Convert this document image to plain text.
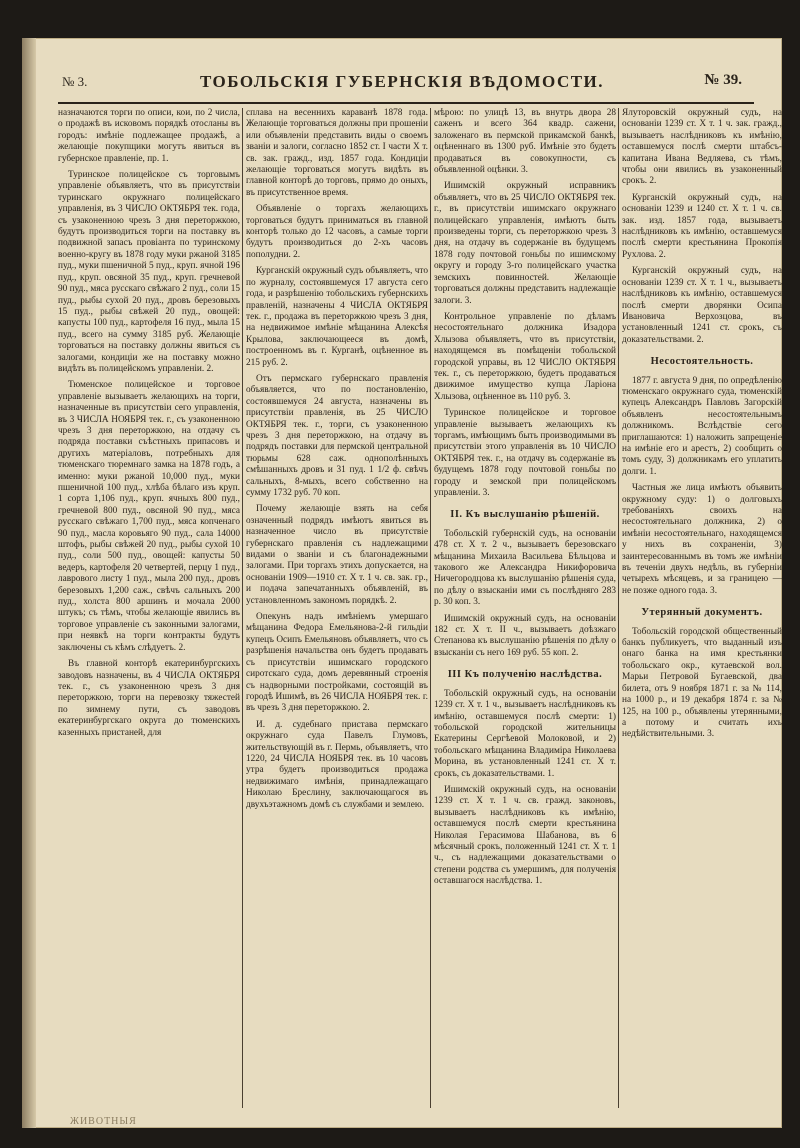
№ 3.	ТОБОЛЬСКІЯ ГУБЕРНСКІЯ ВѢДОМОСТИ.	№ 39.

назначаются торги по описи, кои, по 2 числа, о продажѣ въ исковомъ порядкѣ отосланы въ городъ: имѣніе подлежащее продажѣ, а желающіе покупщики могутъ явиться въ губернское правленіе, пр. 1.

Туринское полицейское съ торговымъ управленіе объявляетъ, что въ присутствіи туринскаго окружнаго полицейскаго управленія, въ 3 ЧИСЛО ОКТЯБРЯ тек. года, съ узаконенною чрезъ 3 дня переторжкою, будутъ производиться торги на поставку въ подвижной запасъ провіанта по туринскому военно-кругу въ 1878 году муки ржаной 3185 пуд., муки пшеничной 5 пуд., круп. ячной 196 пуд., круп. овсяной 35 пуд., круп. гречневой 90 пуд., мяса русскаго свѣжаго 2 пуд., соли 15 пуд., рыбы сухой 20 пуд., дровъ березовыхъ 15 пуд., рыбы свѣжей 20 пуд., овощей: капусты 100 пуд., картофеля 16 пуд., мыла 15 пуд., всего на сумму 3185 руб. Желающіе торговаться на поставку должны явиться съ залогами, кондиціи же на поставку можно видѣть въ полицейскомъ управленіи. 2.

Тюменское полицейское и торговое управленіе вызываетъ желающихъ на торги, назначенные въ присутствіи сего управленія, въ 3 ЧИСЛА НОЯБРЯ тек. г., съ узаконенною чрезъ 3 дня переторжкою, на отдачу съ подряда поставки съѣстныхъ припасовъ и другихъ матеріаловъ, потребныхъ для тюменскаго тюремнаго замка на 1878 годъ, а именно: муки ржаной 10,000 пуд., муки пшеничной 100 пуд., хлѣба бѣлаго изъ круп. 1 сорта 1,106 пуд., круп. ячныхъ 800 пуд., гречневой 800 пуд., овсяной 90 пуд., мяса русскаго свѣжаго 1,700 пуд., мяса копченаго 90 пуд., масла коровьяго 90 пуд., сала 14000 штофъ, рыбы свѣжей 20 пуд., рыбы сухой 10 пуд., соли 500 пуд., овощей: капусты 50 ведеръ, картофеля 20 четвертей, перцу 1 пуд., лаврового листу 1 пуд., мыла 200 пуд., дровъ березовыхъ 1,200 саж., свѣчъ сальныхъ 200 пуд., холста 800 аршинъ и мочала 2000 штукъ; съ тѣмъ, чтобы желающіе явились въ торговое управленіе съ законными залогами, при неявкѣ на торги контракты будутъ заключены съ кѣмъ слѣдуетъ. 2.

Въ главной конторѣ екатеринбургскихъ заводовъ назначены, въ 4 ЧИСЛА ОКТЯБРЯ тек. г., съ узаконенною чрезъ 3 дня переторжкою, торги на перевозку тяжестей по зимнему пути, съ заводовъ екатеринбургскаго округа до тюменскихъ казенныхъ пристаней, для

сплава на весеннихъ караванѣ 1878 года. Желающіе торговаться должны при прошеніи или объявленіи представить виды о своемъ званіи и залоги, согласно 1852 ст. I части X т. св. зак. гражд., изд. 1857 года. Кондиціи желающіе торговаться могутъ видѣть въ главной конторѣ до торговъ, прямо до оныхъ, въ присутственное время.

Объявленіе о торгахъ желающихъ торговаться будутъ приниматься въ главной конторѣ только до 12 часовъ, а самые торги будутъ производиться до 2-хъ часовъ пополудни. 2.

Курганскій окружный судъ объявляетъ, что по журналу, состоявшемуся 17 августа сего года, и разрѣшенію тобольскихъ губернскихъ правленій, назначены 4 ЧИСЛА ОКТЯБРЯ тек. г., продажа въ переторжкою чрезъ 3 дня, на недвижимое имѣніе мѣщанина Алексѣя Крылова, заключающееся въ домѣ, построенномъ въ г. Курганѣ, оцѣненное въ 215 руб. 2.

Отъ пермскаго губернскаго правленія объявляется, что по постановленію, состоявшемуся 24 августа, назначены въ присутствіи правленія, въ 25 ЧИСЛО ОКТЯБРЯ тек. г., торги, съ узаконенною чрезъ 3 дня переторжкою, на отдачу въ подрядъ поставки для пермской центральной тюрьмы 628 саж. однополѣнныхъ смѣшанныхъ дровъ и 31 пуд. 1 1/2 ф. свѣчъ сальныхъ, 8-мыхъ, всего собственно на сумму 1732 руб. 70 коп.

Почему желающіе взять на себя означенный подрядъ имѣютъ явиться въ назначенное число въ присутствіе губернскаго правленія съ надлежащими видами о званіи и съ благонадежными залогами. При торгахъ этихъ допускается, на основаніи 1909—1910 ст. X т. 1 ч. св. зак. гр., и подача запечатанныхъ объявленій, въ установленномъ закономъ порядкѣ. 2.

Опекунъ надъ имѣніемъ умершаго мѣщанина Федора Емельянова-2-й гильдіи купецъ Осипъ Емельяновъ объявляетъ, что съ разрѣшенія начальства онъ будетъ продавать съ присутствіи ишимскаго городского сиротскаго суда, домъ деревянный строенія съ надворными постройками, состоящій въ городѣ Ишимѣ, въ 26 ЧИСЛА НОЯБРЯ тек. г. въ чрезъ 3 дня переторжкою. 2.

И. д. судебнаго пристава пермскаго окружнаго суда Павелъ Глумовъ, жительствующій въ г. Пермь, объявляетъ, что 1220, 24 ЧИСЛА НОЯБРЯ тек. въ 10 часовъ утра будетъ производиться продажа недвижимаго имѣнія, принадлежащаго Николаю Бреслину, заключающагося въ двухъэтажномъ домѣ съ службами и землею.

мѣрою: по улицѣ 13, въ внутрь двора 28 саженъ и всего 364 квадр. сажени, заложенаго въ пермской прикамской банкѣ, оцѣненнаго въ 1300 руб. Имѣніе это будетъ продаваться въ совокупности, съ объявленной оцѣнки. 3.

Ишимскій окружный исправникъ объявляетъ, что въ 25 ЧИСЛО ОКТЯБРЯ тек. г., въ присутствіи ишимскаго окружнаго полицейскаго управленія, имѣютъ быть произведены торги, съ переторжкою чрезъ 3 дня, на отдачу въ содержаніе въ будущемъ 1878 году почтовой гоньбы по ишимскому округу и городу 3-го полицейскаго участка земскихъ повинностей. Желающіе торговаться должны представить надлежащіе залоги. 3.

Контрольное управленіе по дѣламъ несостоятельнаго должника Изадора Хлызова объявляетъ, что въ присутствіи, находящемся въ помѣщеніи тобольской городской управы, въ 12 ЧИСЛО ОКТЯБРЯ тек. г., съ переторжкою, будетъ продаваться движимое имущество купца Ларіона Хлызова, оцѣненное въ 110 руб. 3.

Туринское полицейское и торговое управленіе вызываетъ желающихъ къ торгамъ, имѣющимъ быть производимыми въ присутствіи этого управленія въ 10 ЧИСЛО ОКТЯБРЯ тек. г., на отдачу въ содержаніе въ будущемъ 1878 году почтовой гоньбы по городу и земской при полицейскомъ управленіи. 3.

II. Къ выслушанію рѣшеній.

Тобольскій губернскій судъ, на основаніи 478 ст. X т. 2 ч., вызываетъ березовскаго мѣщанина Михаила Васильева Бѣльцова и такового же Александра Никифоровича Ничегородцова къ выслушанію рѣшенія суда, по дѣлу о взысканіи ими съ послѣдняго 283 р. 30 коп. 3.

Ишимскій окружный судъ, на основаніи 182 ст. X т. II ч., вызываетъ доѣзжаго Степанова къ выслушанію рѣшенія по дѣлу о взысканіи съ него 169 руб. 55 коп. 2.

III Къ полученію наслѣдства.

Тобольскій окружный судъ, на основаніи 1239 ст. X т. 1 ч., вызываетъ наслѣдниковъ къ имѣнію, оставшемуся послѣ смерти: 1) тобольской городской жительницы Екатерины Сергѣевой Молоковой, и 2) тобольскаго мѣщанина Владиміра Николаева Морина, въ установленный 1241 ст. X т. срокъ, съ доказательствами. 1.

Ишимскій окружный судъ, на основаніи 1239 ст. X т. 1 ч. св. гражд. законовъ, вызываетъ наслѣдниковъ къ имѣнію, оставшемуся послѣ смерти крестьянина Николая Герасимова Шабанова, въ 6 мѣсячный срокъ, положенный 1241 ст. X т. 1 ч., съ надлежащими доказательствами о степени родства съ умершимъ, для полученія оставшагося наслѣдства. 1.

Ялуторовскій окружный судъ, на основаніи 1239 ст. X т. 1 ч. зак. гражд., вызываетъ наслѣдниковъ къ имѣнію, оставшемуся послѣ смерти штабсъ-капитана Ивана Ведляева, съ тѣмъ, чтобы они явились въ узаконенный срокъ. 2.

Курганскій окружный судъ, на основаніи 1239 и 1240 ст. X т. 1 ч. св. зак. изд. 1857 года, вызываетъ наслѣдниковъ къ имѣнію, оставшемуся послѣ смерти крестьянина Прокопія Рухлова. 2.

Курганскій окружный судъ, на основаніи 1239 ст. X т. 1 ч., вызываетъ наслѣдниковъ къ имѣнію, оставшемуся послѣ смерти дворянки Осипа Ивановича Верхозцова, въ установленный 1241 ст. срокъ, съ доказательствами. 2.

Несостоятельность.

1877 г. августа 9 дня, по опредѣленію тюменскаго окружнаго суда, тюменскій купецъ Александръ Павловъ Загорскій объявленъ несостоятельнымъ должникомъ. Вслѣдствіе сего приглашаются: 1) наложить запрещеніе на имѣніе его и арестъ, 2) сообщить о томъ суду, 3) должникамъ его уплатить долги. 1.

Частныя же лица имѣютъ объявить окружному суду: 1) о долговыхъ требованіяхъ своихъ на несостоятельнаго должника, 2) о имѣніи несостоятельнаго, находящемся у нихъ въ сохраненіи, 3) заинтересованнымъ въ томъ же имѣніи въ теченіи двухъ недѣль, въ губерніи четырехъ мѣсяцевъ, и за границею — не позже одного года. 3.

Утерянный документъ.

Тобольскій городской общественный банкъ публикуетъ, что выданный изъ онаго банка на имя крестьянки тобольскаго окр., кутаевской вол. Марьи Петровой Бугаевской, два билета, отъ 9 ноября 1871 г. за № 114, на 1000 р., и 19 декабря 1874 г. за № 125, на 100 р., объявлены утерянными, а потому и считать ихъ недѣйствительными. 3.

ЖИВОТНЫЯ
